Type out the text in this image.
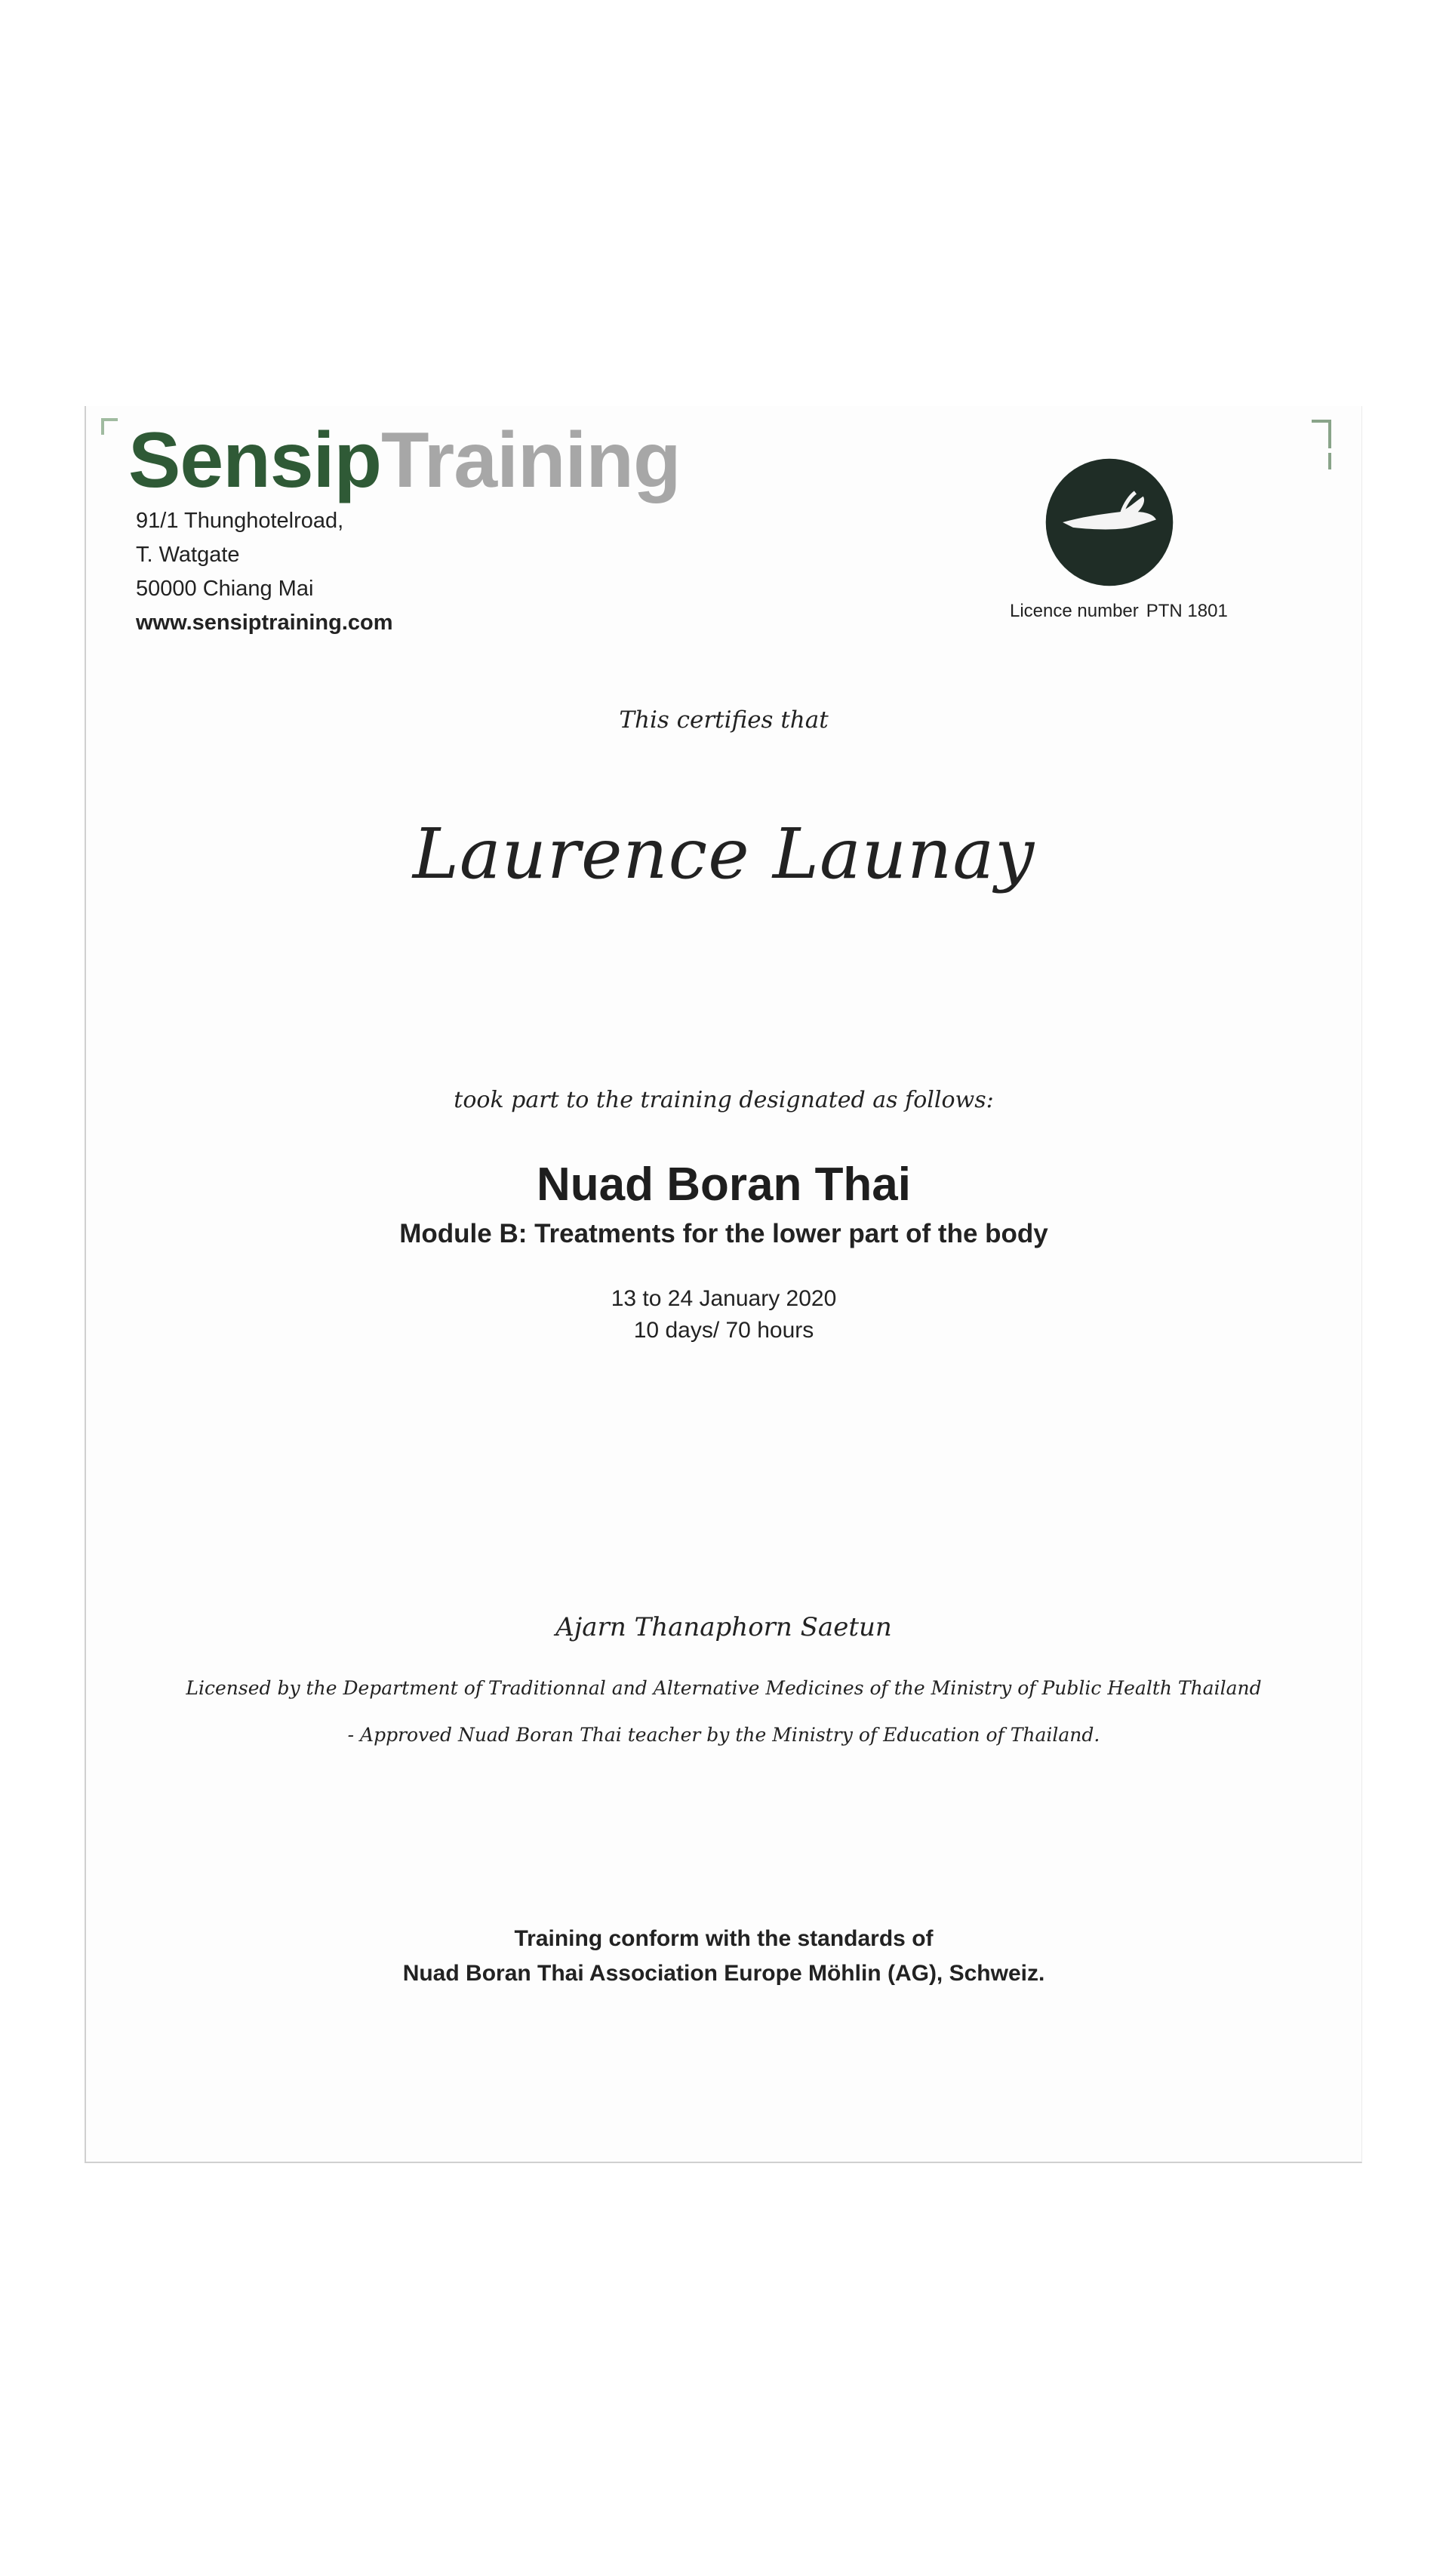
SensipTraining
91/1 Thunghotelroad,
T. Watgate
50000 Chiang Mai
www.sensiptraining.com	Licence number PTN 1801
This certifies that
Laurence Launay
took part to the training designated as follows:
Nuad Boran Thai
Module B: Treatments for the lower part of the body
13 to 24 January 2020
10 days/ 70 hours
Ajarn Thanaphorn Saetun
Licensed by the Department of Traditionnal and Alternative Medicines of the Ministry of Public Health Thailand
- Approved Nuad Boran Thai teacher by the Ministry of Education of Thailand.
Training conform with the standards of
Nuad Boran Thai Association Europe Möhlin (AG), Schweiz.
